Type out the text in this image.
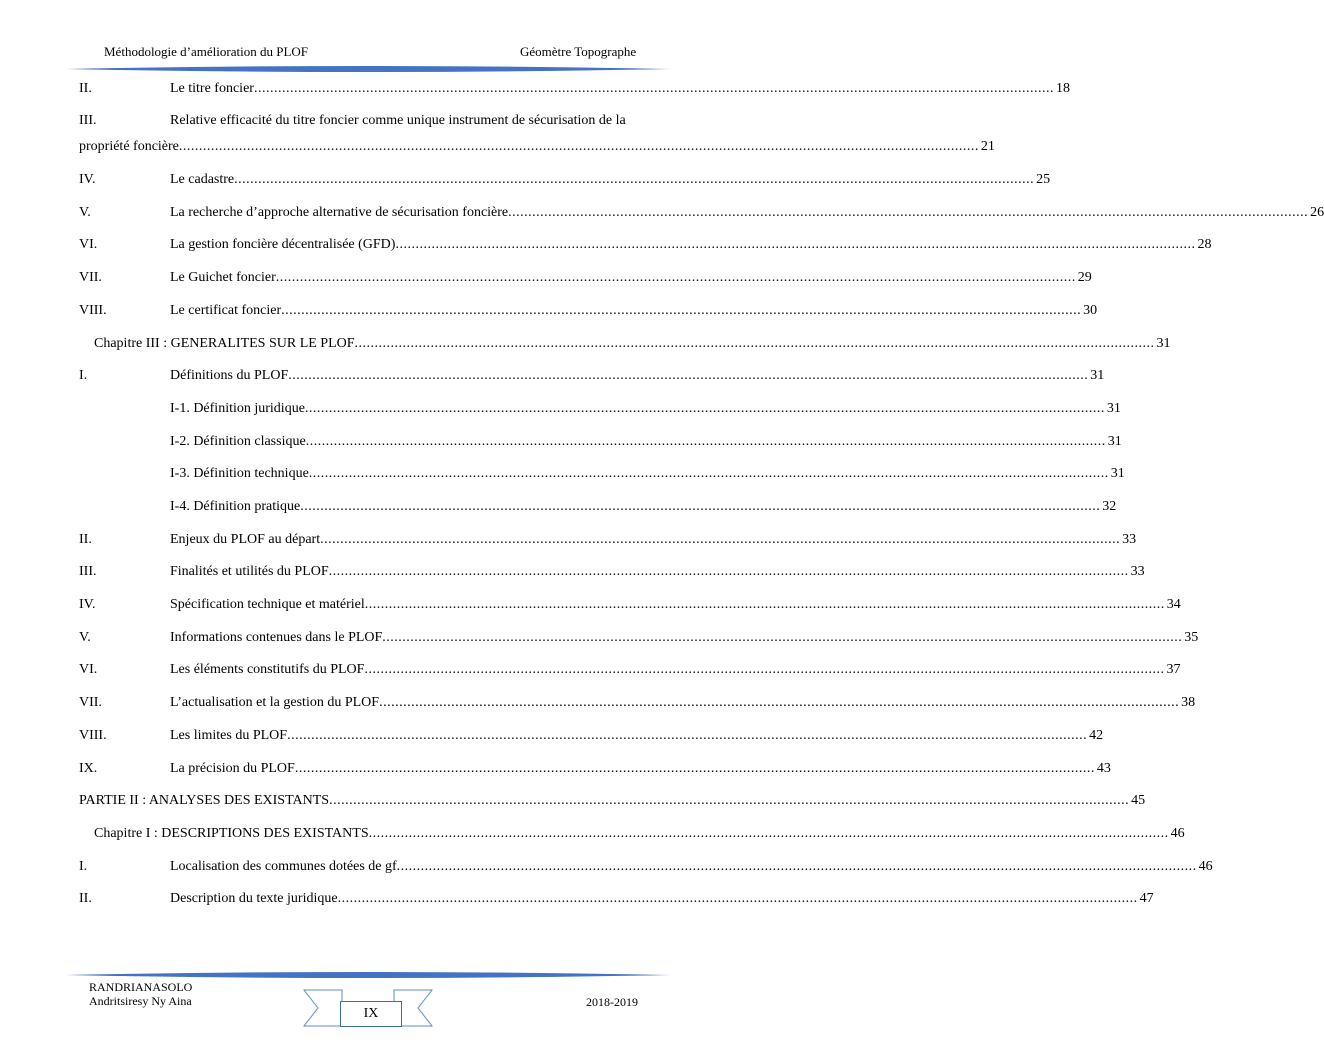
Méthodologie d’amélioration du PLOF	Géomètre Topographe
II.	Le titre foncier ........................................................................................................................................................................................................ 18
III.	Relative efficacité du titre foncier comme unique instrument de sécurisation de la
propriété foncière ........................................................................................................................................................................................................ 21
IV.	Le cadastre ........................................................................................................................................................................................................ 25
V.	La recherche d’approche alternative de sécurisation foncière ........................................................................................................................................................................................................ 26
VI.	La gestion foncière décentralisée (GFD) ........................................................................................................................................................................................................ 28
VII.	Le Guichet foncier ........................................................................................................................................................................................................ 29
VIII.	Le certificat foncier ........................................................................................................................................................................................................ 30
Chapitre III : GENERALITES SUR LE PLOF ........................................................................................................................................................................................................ 31
I.	Définitions du PLOF ........................................................................................................................................................................................................ 31
I-1. Définition juridique ........................................................................................................................................................................................................ 31
I-2. Définition classique ........................................................................................................................................................................................................ 31
I-3. Définition technique ........................................................................................................................................................................................................ 31
I-4. Définition pratique ........................................................................................................................................................................................................ 32
II.	Enjeux du PLOF au départ ........................................................................................................................................................................................................ 33
III.	Finalités et utilités du PLOF ........................................................................................................................................................................................................ 33
IV.	Spécification technique et matériel ........................................................................................................................................................................................................ 34
V.	Informations contenues dans le PLOF ........................................................................................................................................................................................................ 35
VI.	Les éléments constitutifs du PLOF ........................................................................................................................................................................................................ 37
VII.	L’actualisation et la gestion du PLOF ........................................................................................................................................................................................................ 38
VIII.	Les limites du PLOF ........................................................................................................................................................................................................ 42
IX.	La précision du PLOF ........................................................................................................................................................................................................ 43
PARTIE II : ANALYSES DES EXISTANTS ........................................................................................................................................................................................................ 45
Chapitre I : DESCRIPTIONS DES EXISTANTS ........................................................................................................................................................................................................ 46
I.	Localisation des communes dotées de gf ........................................................................................................................................................................................................ 46
II.	Description du texte juridique ........................................................................................................................................................................................................ 47
RANDRIANASOLO
Andritsiresy Ny Aina
IX
2018-2019
